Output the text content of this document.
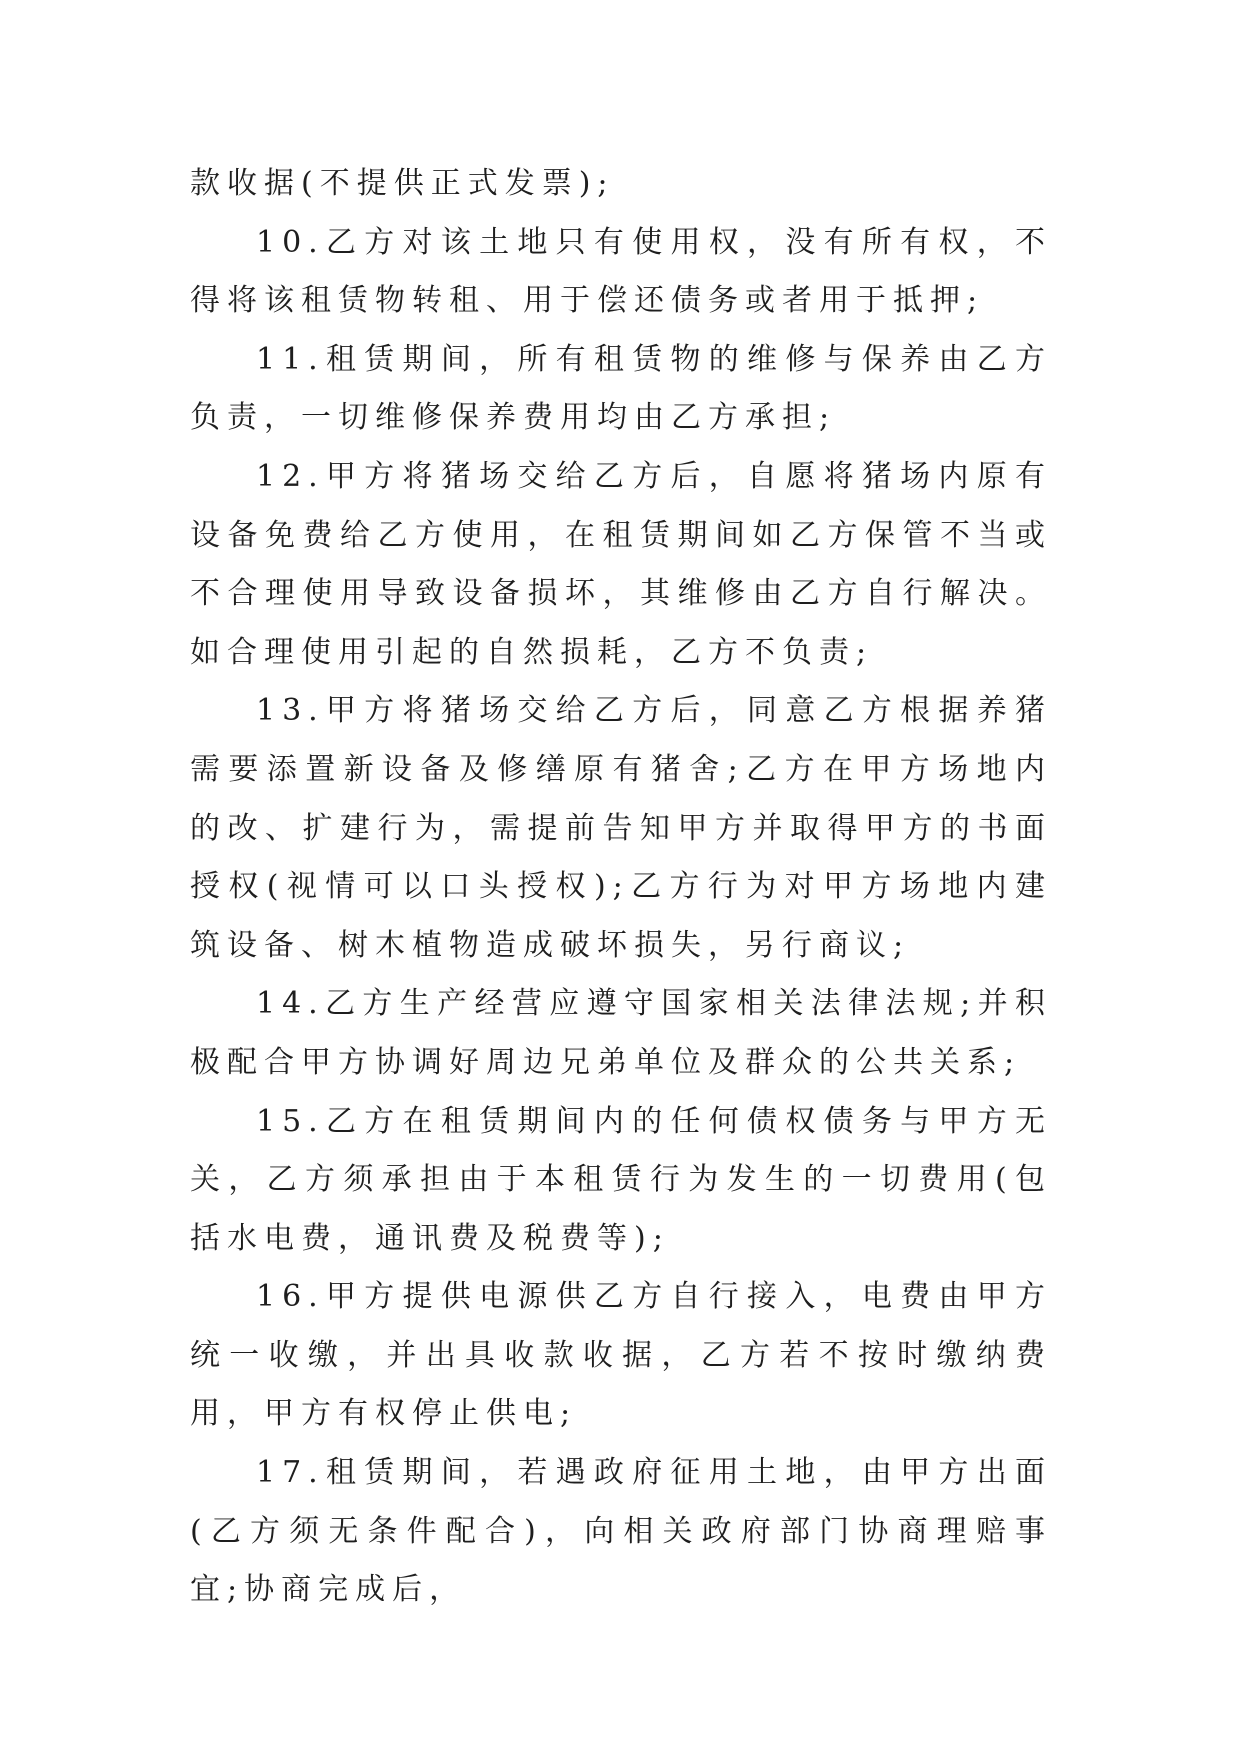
款收据(不提供正式发票);

10.乙方对该土地只有使用权，没有所有权，不得将该租赁物转租、用于偿还债务或者用于抵押;

11.租赁期间，所有租赁物的维修与保养由乙方负责，一切维修保养费用均由乙方承担;

12.甲方将猪场交给乙方后，自愿将猪场内原有设备免费给乙方使用，在租赁期间如乙方保管不当或不合理使用导致设备损坏，其维修由乙方自行解决。如合理使用引起的自然损耗，乙方不负责;

13.甲方将猪场交给乙方后，同意乙方根据养猪需要添置新设备及修缮原有猪舍;乙方在甲方场地内的改、扩建行为，需提前告知甲方并取得甲方的书面授权(视情可以口头授权);乙方行为对甲方场地内建筑设备、树木植物造成破坏损失，另行商议;

14.乙方生产经营应遵守国家相关法律法规;并积极配合甲方协调好周边兄弟单位及群众的公共关系;

15.乙方在租赁期间内的任何债权债务与甲方无关，乙方须承担由于本租赁行为发生的一切费用(包括水电费，通讯费及税费等);

16.甲方提供电源供乙方自行接入，电费由甲方统一收缴，并出具收款收据，乙方若不按时缴纳费用，甲方有权停止供电;

17.租赁期间，若遇政府征用土地，由甲方出面(乙方须无条件配合)，向相关政府部门协商理赔事宜;协商完成后，
